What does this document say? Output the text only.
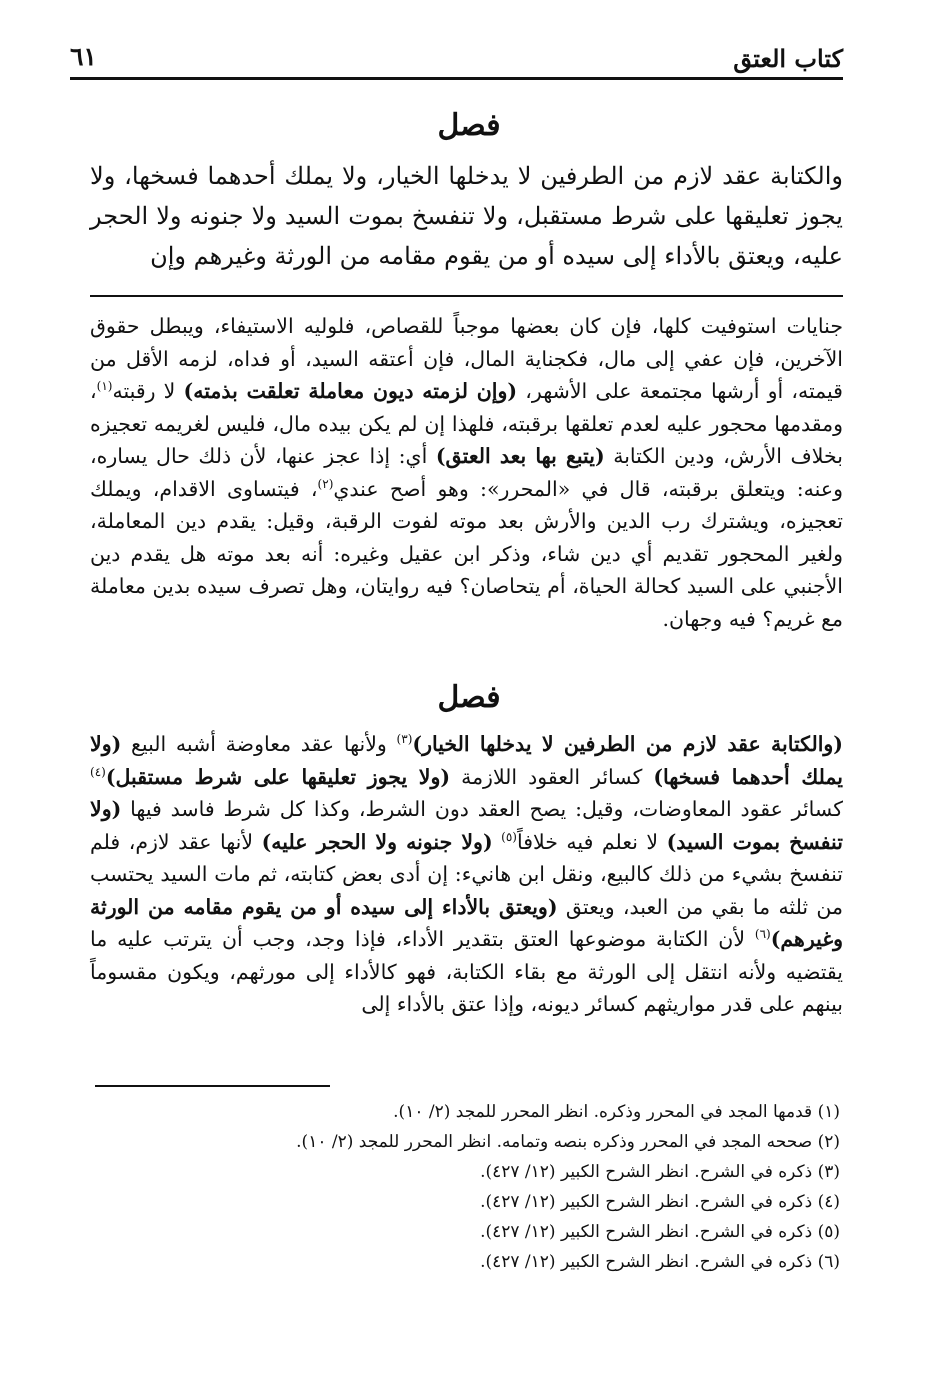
كتاب العتق
٦١
فصل

والكتابة عقد لازم من الطرفين لا يدخلها الخيار، ولا يملك أحدهما فسخها، ولا يجوز تعليقها على شرط مستقبل، ولا تنفسخ بموت السيد ولا جنونه ولا الحجر عليه، ويعتق بالأداء إلى سيده أو من يقوم مقامه من الورثة وغيرهم وإن

جنايات استوفيت كلها، فإن كان بعضها موجباً للقصاص، فلوليه الاستيفاء، ويبطل حقوق الآخرين، فإن عفي إلى مال، فكجناية المال، فإن أعتقه السيد، أو فداه، لزمه الأقل من قيمته، أو أرشها مجتمعة على الأشهر، (وإن لزمته ديون معاملة تعلقت بذمته) لا رقبته$^{(١)}$، ومقدمها محجور عليه لعدم تعلقها برقبته، فلهذا إن لم يكن بيده مال، فليس لغريمه تعجيزه بخلاف الأرش، ودين الكتابة (يتبع بها بعد العتق) أي: إذا عجز عنها، لأن ذلك حال يساره، وعنه: ويتعلق برقبته، قال في «المحرر»: وهو أصح عندي$^{(٢)}$، فيتساوى الاقدام، ويملك تعجيزه، ويشترك رب الدين والأرش بعد موته لفوت الرقبة، وقيل: يقدم دين المعاملة، ولغير المحجور تقديم أي دين شاء، وذكر ابن عقيل وغيره: أنه بعد موته هل يقدم دين الأجنبي على السيد كحالة الحياة، أم يتحاصان؟ فيه روايتان، وهل تصرف سيده بدين معاملة مع غريم؟ فيه وجهان.

فصل

(والكتابة عقد لازم من الطرفين لا يدخلها الخيار)$^{(٣)}$ ولأنها عقد معاوضة أشبه البيع (ولا يملك أحدهما فسخها) كسائر العقود اللازمة (ولا يجوز تعليقها على شرط مستقبل)$^{(٤)}$ كسائر عقود المعاوضات، وقيل: يصح العقد دون الشرط، وكذا كل شرط فاسد فيها (ولا تنفسخ بموت السيد) لا نعلم فيه خلافاً$^{(٥)}$ (ولا جنونه ولا الحجر عليه) لأنها عقد لازم، فلم تنفسخ بشيء من ذلك كالبيع، ونقل ابن هانيء: إن أدى بعض كتابته، ثم مات السيد يحتسب من ثلثه ما بقي من العبد، ويعتق (ويعتق بالأداء إلى سيده أو من يقوم مقامه من الورثة وغيرهم)$^{(٦)}$ لأن الكتابة موضوعها العتق بتقدير الأداء، فإذا وجد، وجب أن يترتب عليه ما يقتضيه ولأنه انتقل إلى الورثة مع بقاء الكتابة، فهو كالأداء إلى مورثهم، ويكون مقسوماً بينهم على قدر مواريثهم كسائر ديونه، وإذا عتق بالأداء إلى

(١) قدمها المجد في المحرر وذكره. انظر المحرر للمجد (٢/ ١٠).
(٢) صححه المجد في المحرر وذكره بنصه وتمامه. انظر المحرر للمجد (٢/ ١٠).
(٣) ذكره في الشرح. انظر الشرح الكبير (١٢/ ٤٢٧).
(٤) ذكره في الشرح. انظر الشرح الكبير (١٢/ ٤٢٧).
(٥) ذكره في الشرح. انظر الشرح الكبير (١٢/ ٤٢٧).
(٦) ذكره في الشرح. انظر الشرح الكبير (١٢/ ٤٢٧).
